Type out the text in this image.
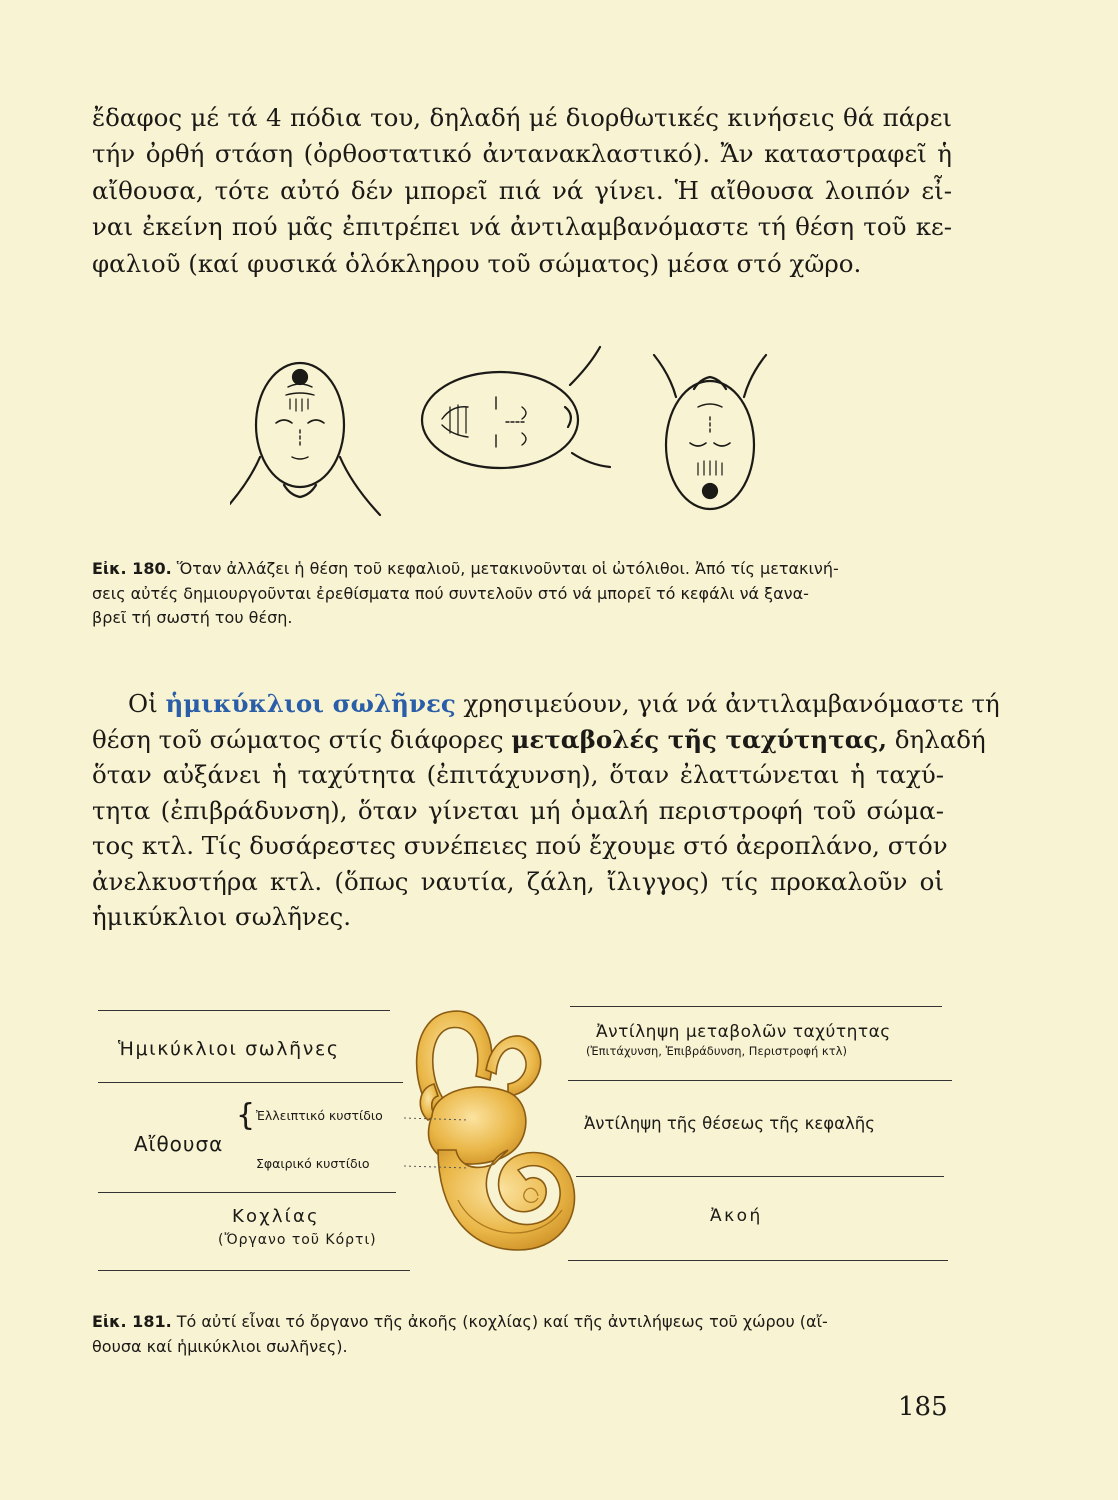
ἔδαφος μέ τά 4 πόδια του, δηλαδή μέ διορθωτικές κινήσεις θά πάρει
τήν ὀρθή στάση (ὀρθοστατικό ἀντανακλαστικό). Ἄν καταστραφεῖ ἡ
αἴθουσα, τότε αὐτό δέν μπορεῖ πιά νά γίνει. Ἡ αἴθουσα λοιπόν εἶ-
ναι ἐκείνη πού μᾶς ἐπιτρέπει νά ἀντιλαμβανόμαστε τή θέση τοῦ κε-
φαλιοῦ (καί φυσικά ὁλόκληρου τοῦ σώματος) μέσα στό χῶρο.

Εἰκ. 180. Ὅταν ἀλλάζει ἡ θέση τοῦ κεφαλιοῦ, μετακινοῦνται οἱ ὠτόλιθοι. Ἀπό τίς μετακινή-
σεις αὐτές δημιουργοῦνται ἐρεθίσματα πού συντελοῦν στό νά μπορεῖ τό κεφάλι νά ξανα-
βρεῖ τή σωστή του θέση.

Οἱ ἡμικύκλιοι σωλῆνες χρησιμεύουν, γιά νά ἀντιλαμβανόμαστε τή
θέση τοῦ σώματος στίς διάφορες μεταβολές τῆς ταχύτητας, δηλαδή
ὅταν αὐξάνει ἡ ταχύτητα (ἐπιτάχυνση), ὅταν ἐλαττώνεται ἡ ταχύ-
τητα (ἐπιβράδυνση), ὅταν γίνεται μή ὁμαλή περιστροφή τοῦ σώμα-
τος κτλ. Τίς δυσάρεστες συνέπειες πού ἔχουμε στό ἀεροπλάνο, στόν
ἀνελκυστήρα κτλ. (ὅπως ναυτία, ζάλη, ἴλιγγος) τίς προκαλοῦν οἱ
ἡμικύκλιοι σωλῆνες.

Ἡμικύκλιοι σωλῆνες
Αἴθουσα
{ Ἐλλειπτικό κυστίδιο
Σφαιρικό κυστίδιο
Κοχλίας
(Ὄργανο τοῦ Κόρτι)
Ἀντίληψη μεταβολῶν ταχύτητας
(Ἐπιτάχυνση, Ἐπιβράδυνση, Περιστροφή κτλ)
Ἀντίληψη τῆς θέσεως τῆς κεφαλῆς
Ἀκοή

Εἰκ. 181. Τό αὐτί εἶναι τό ὄργανο τῆς ἀκοῆς (κοχλίας) καί τῆς ἀντιλήψεως τοῦ χώρου (αἴ-
θουσα καί ἡμικύκλιοι σωλῆνες).

185
